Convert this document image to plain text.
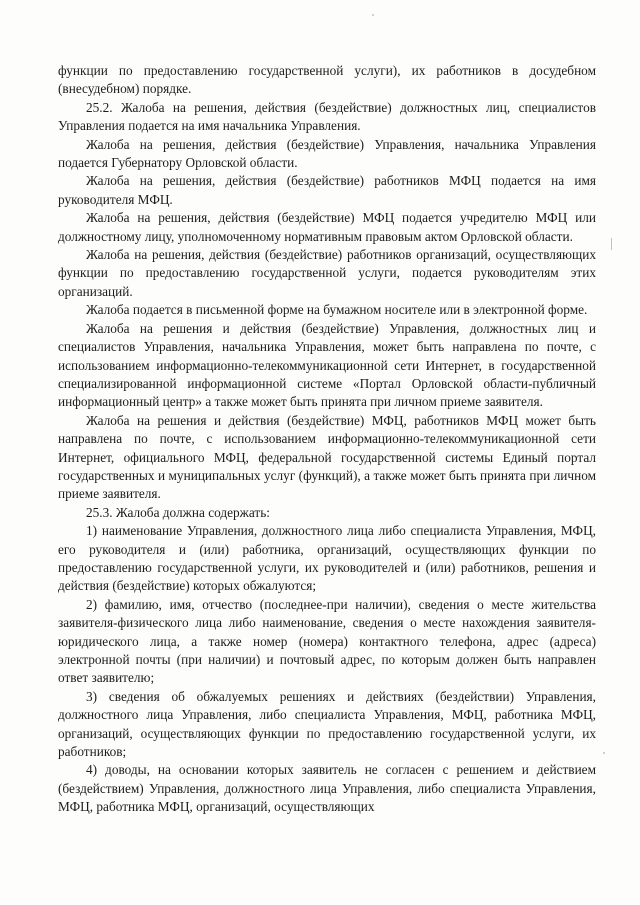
функции по предоставлению государственной услуги), их работников в досудебном (внесудебном) порядке.

25.2. Жалоба на решения, действия (бездействие) должностных лиц, специалистов Управления подается на имя начальника Управления.

Жалоба на решения, действия (бездействие) Управления, начальника Управления подается Губернатору Орловской области.

Жалоба на решения, действия (бездействие) работников МФЦ подается на имя руководителя МФЦ.

Жалоба на решения, действия (бездействие) МФЦ подается учредителю МФЦ или должностному лицу, уполномоченному нормативным правовым актом Орловской области.

Жалоба на решения, действия (бездействие) работников организаций, осуществляющих функции по предоставлению государственной услуги, подается руководителям этих организаций.

Жалоба подается в письменной форме на бумажном носителе или в электронной форме.

Жалоба на решения и действия (бездействие) Управления, должностных лиц и специалистов Управления, начальника Управления, может быть направлена по почте, с использованием информационно-телекоммуникационной сети Интернет, в государственной специализированной информационной системе «Портал Орловской области-публичный информационный центр» а также может быть принята при личном приеме заявителя.

Жалоба на решения и действия (бездействие) МФЦ, работников МФЦ может быть направлена по почте, с использованием информационно-телекоммуникационной сети Интернет, официального МФЦ, федеральной государственной системы Единый портал государственных и муниципальных услуг (функций), а также может быть принята при личном приеме заявителя.

25.3. Жалоба должна содержать:

1) наименование Управления, должностного лица либо специалиста Управления, МФЦ, его руководителя и (или) работника, организаций, осуществляющих функции по предоставлению государственной услуги, их руководителей и (или) работников, решения и действия (бездействие) которых обжалуются;

2) фамилию, имя, отчество (последнее-при наличии), сведения о месте жительства заявителя-физического лица либо наименование, сведения о месте нахождения заявителя-юридического лица, а также номер (номера) контактного телефона, адрес (адреса) электронной почты (при наличии) и почтовый адрес, по которым должен быть направлен ответ заявителю;

3) сведения об обжалуемых решениях и действиях (бездействии) Управления, должностного лица Управления, либо специалиста Управления, МФЦ, работника МФЦ, организаций, осуществляющих функции по предоставлению государственной услуги, их работников;

4) доводы, на основании которых заявитель не согласен с решением и действием (бездействием) Управления, должностного лица Управления, либо специалиста Управления, МФЦ, работника МФЦ, организаций, осуществляющих
